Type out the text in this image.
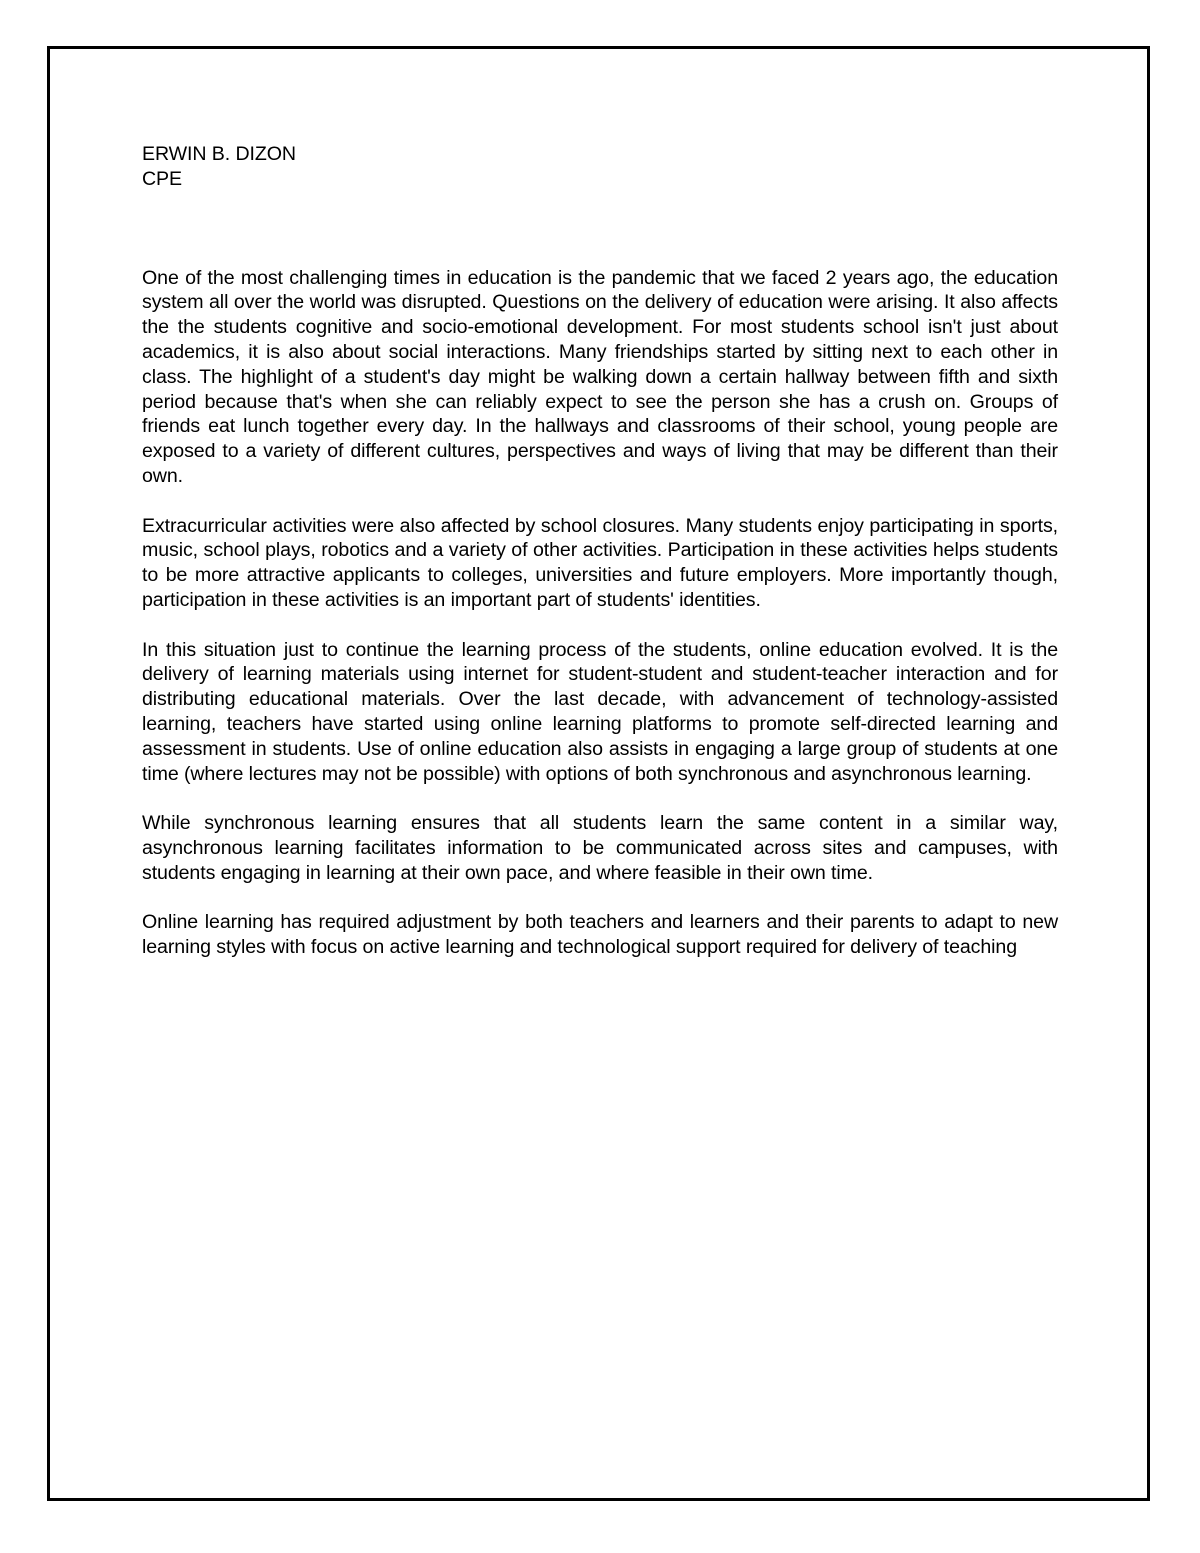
ERWIN B. DIZON
CPE

One of the most challenging times in education is the pandemic that we faced 2 years ago, the education system all over the world was disrupted. Questions on the delivery of education were arising. It also affects the the students cognitive and socio-emotional development. For most students school isn't just about academics, it is also about social interactions. Many friendships started by sitting next to each other in class. The highlight of a student's day might be walking down a certain hallway between fifth and sixth period because that's when she can reliably expect to see the person she has a crush on. Groups of friends eat lunch together every day. In the hallways and classrooms of their school, young people are exposed to a variety of different cultures, perspectives and ways of living that may be different than their own.

Extracurricular activities were also affected by school closures. Many students enjoy participating in sports, music, school plays, robotics and a variety of other activities. Participation in these activities helps students to be more attractive applicants to colleges, universities and future employers. More importantly though, participation in these activities is an important part of students' identities.

In this situation just to continue the learning process of the students, online education evolved. It is the delivery of learning materials using internet for student-student and student-teacher interaction and for distributing educational materials. Over the last decade, with advancement of technology-assisted learning, teachers have started using online learning platforms to promote self-directed learning and assessment in students. Use of online education also assists in engaging a large group of students at one time (where lectures may not be possible) with options of both synchronous and asynchronous learning.

While synchronous learning ensures that all students learn the same content in a similar way, asynchronous learning facilitates information to be communicated across sites and campuses, with students engaging in learning at their own pace, and where feasible in their own time.

Online learning has required adjustment by both teachers and learners and their parents to adapt to new learning styles with focus on active learning and technological support required for delivery of teaching
